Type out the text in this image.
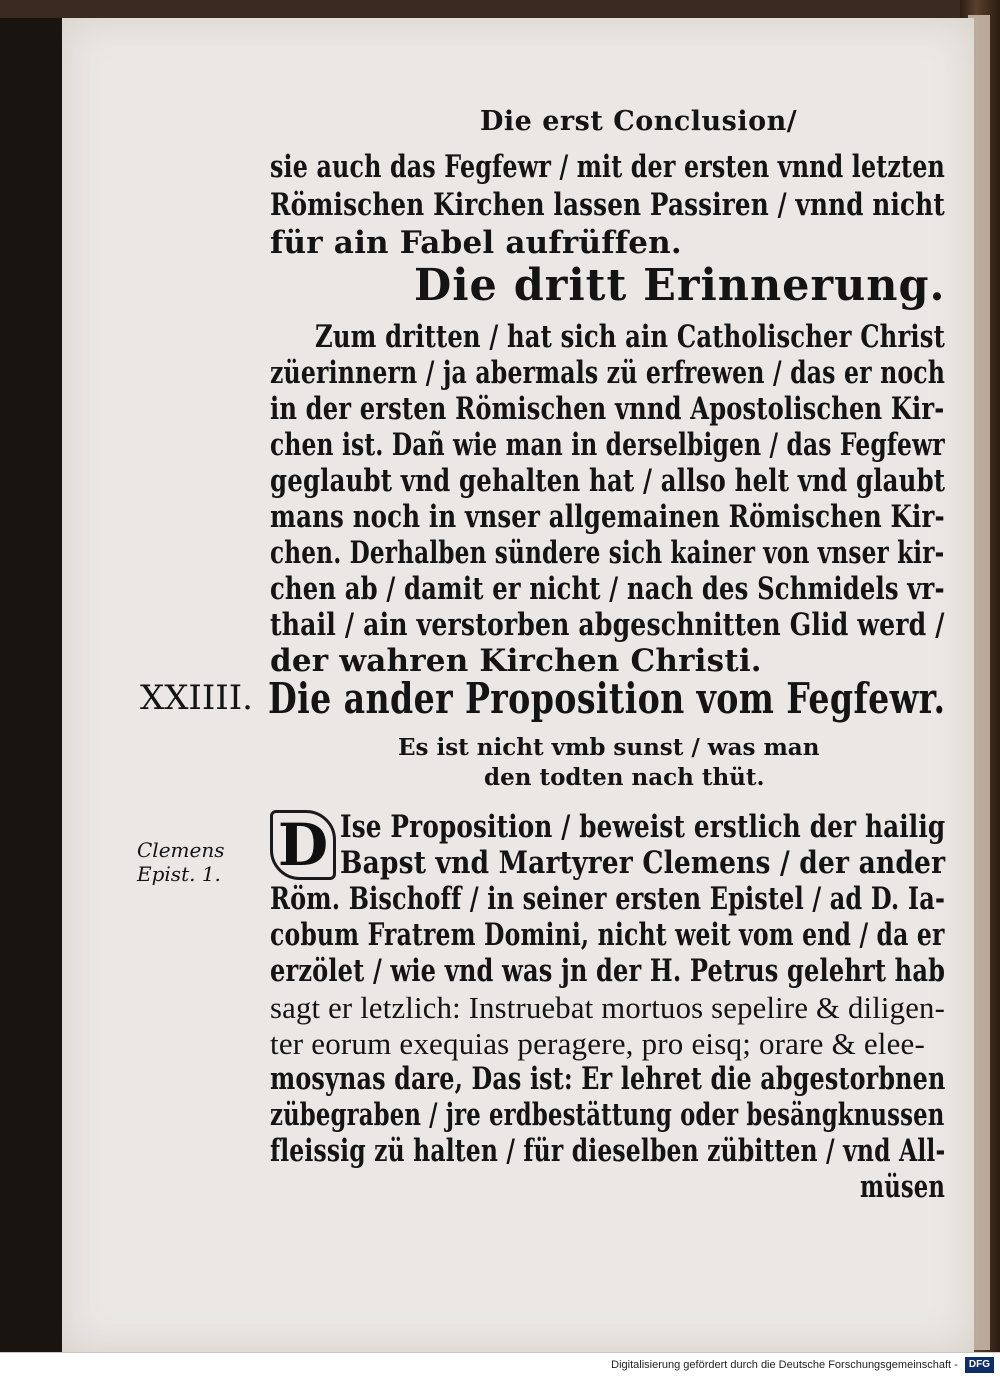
Die erst Conclusion/
sie auch das Fegfewr / mit der ersten vnnd letzten
Römischen Kirchen lassen Passiren / vnnd nicht
für ain Fabel aufrüffen.
Die dritt Erinnerung.
Zum dritten / hat sich ain Catholischer Christ
züerinnern / ja abermals zü erfrewen / das er noch
in der ersten Römischen vnnd Apostolischen Kir-
chen ist. Dañ wie man in derselbigen / das Fegfewr
geglaubt vnd gehalten hat / allso helt vnd glaubt
mans noch in vnser allgemainen Römischen Kir-
chen. Derhalben sündere sich kainer von vnser kir-
chen ab / damit er nicht / nach des Schmidels vr-
thail / ain verstorben abgeschnitten Glid werd /
der wahren Kirchen Christi.
XXIIII. Die ander Proposition vom Fegfewr.
Es ist nicht vmb sunst / was man
den todten nach thüt.
Clemens
Epist. 1. D Ise Proposition / beweist erstlich der hailig
Bapst vnd Martyrer Clemens / der ander
Röm. Bischoff / in seiner ersten Epistel / ad D. Ia-
cobum Fratrem Domini, nicht weit vom end / da er
erzölet / wie vnd was jn der H. Petrus gelehrt hab
sagt er letzlich: Instruebat mortuos sepelire & diligen-
ter eorum exequias peragere, pro eisq; orare & elee-
mosynas dare, Das ist: Er lehret die abgestorbnen
zübegraben / jre erdbestättung oder besängknussen
fleissig zü halten / für dieselben zübitten / vnd All-
müsen
Digitalisierung gefördert durch die Deutsche Forschungsgemeinschaft - DFG
